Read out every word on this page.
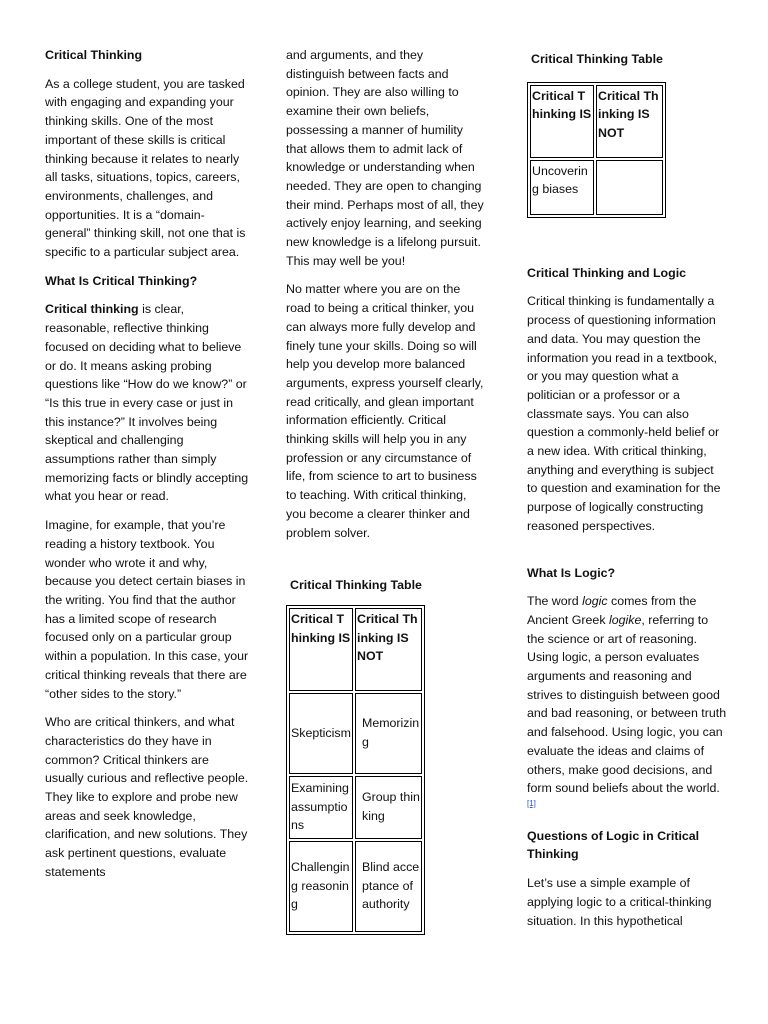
Critical Thinking

As a college student, you are tasked with engaging and expanding your thinking skills. One of the most important of these skills is critical thinking because it relates to nearly all tasks, situations, topics, careers, environments, challenges, and opportunities. It is a “domain-general” thinking skill, not one that is specific to a particular subject area.

What Is Critical Thinking?

Critical thinking is clear, reasonable, reflective thinking focused on deciding what to believe or do. It means asking probing questions like “How do we know?” or “Is this true in every case or just in this instance?” It involves being skeptical and challenging assumptions rather than simply memorizing facts or blindly accepting what you hear or read.

Imagine, for example, that you’re reading a history textbook. You wonder who wrote it and why, because you detect certain biases in the writing. You find that the author has a limited scope of research focused only on a particular group within a population. In this case, your critical thinking reveals that there are “other sides to the story.”

Who are critical thinkers, and what characteristics do they have in common? Critical thinkers are usually curious and reflective people. They like to explore and probe new areas and seek knowledge, clarification, and new solutions. They ask pertinent questions, evaluate statements

and arguments, and they distinguish between facts and opinion. They are also willing to examine their own beliefs, possessing a manner of humility that allows them to admit lack of knowledge or understanding when needed. They are open to changing their mind. Perhaps most of all, they actively enjoy learning, and seeking new knowledge is a lifelong pursuit. This may well be you!

No matter where you are on the road to being a critical thinker, you can always more fully develop and finely tune your skills. Doing so will help you develop more balanced arguments, express yourself clearly, read critically, and glean important information efficiently. Critical thinking skills will help you in any profession or any circumstance of life, from science to art to business to teaching. With critical thinking, you become a clearer thinker and problem solver.

Critical Thinking Table

Critical Thinking IS	Critical Thinking IS NOT
Skepticism	Memorizing
Examining assumptions	Group thinking
Challenging reasoning	Blind acceptance of authority

Critical Thinking Table

Critical Thinking IS	Critical Thinking IS NOT
Uncovering biases	
Critical Thinking and Logic

Critical thinking is fundamentally a process of questioning information and data. You may question the information you read in a textbook, or you may question what a politician or a professor or a classmate says. You can also question a commonly-held belief or a new idea. With critical thinking, anything and everything is subject to question and examination for the purpose of logically constructing reasoned perspectives.

What Is Logic?

The word logic comes from the Ancient Greek logike, referring to the science or art of reasoning. Using logic, a person evaluates arguments and reasoning and strives to distinguish between good and bad reasoning, or between truth and falsehood. Using logic, you can evaluate the ideas and claims of others, make good decisions, and form sound beliefs about the world.[1]

Questions of Logic in Critical Thinking

Let’s use a simple example of applying logic to a critical-thinking situation. In this hypothetical
